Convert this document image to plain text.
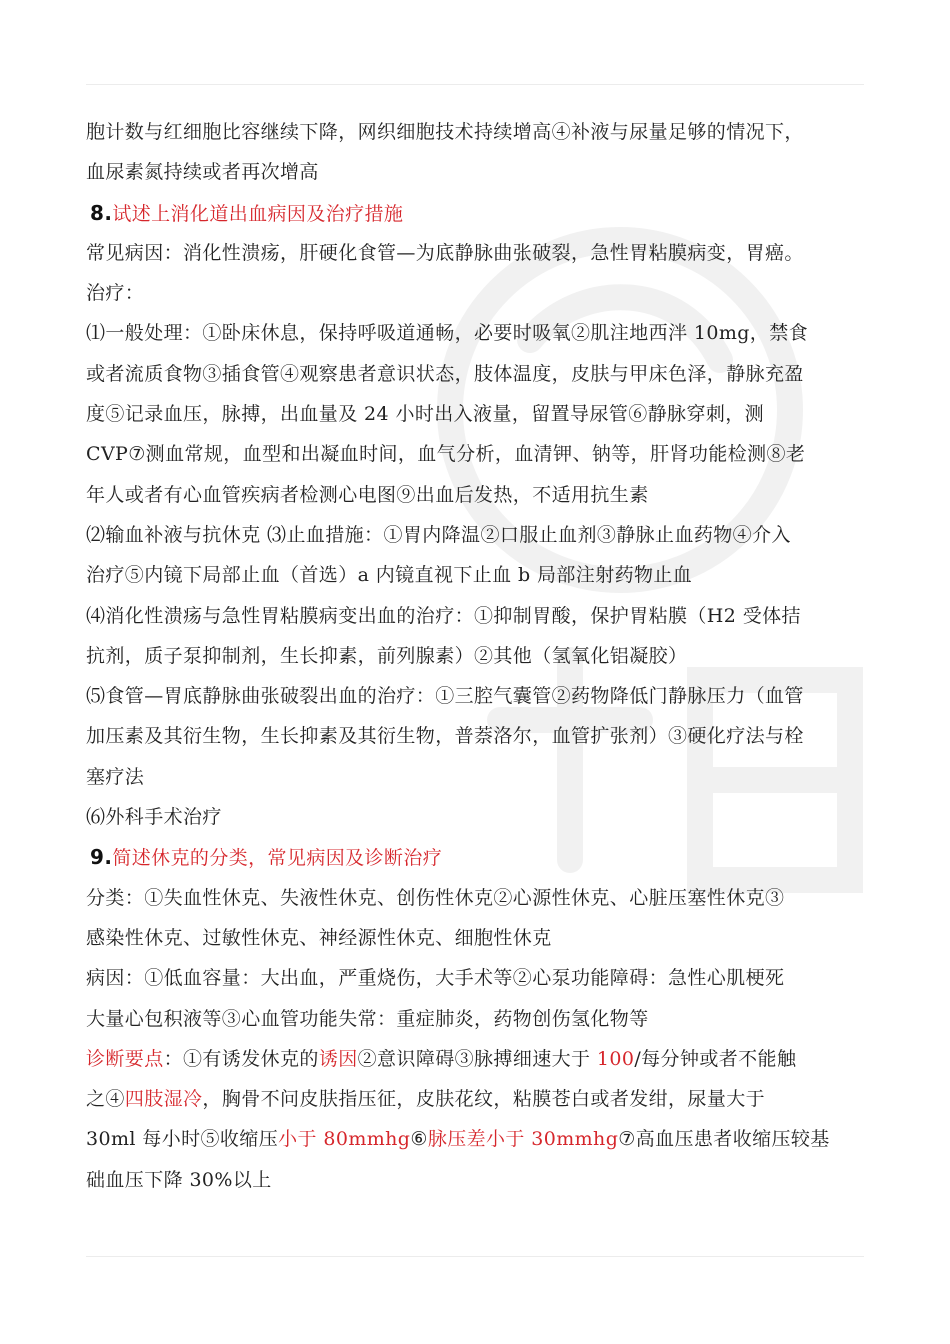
胞计数与红细胞比容继续下降，网织细胞技术持续增高④补液与尿量足够的情况下，
血尿素氮持续或者再次增高
8.试述上消化道出血病因及治疗措施
常见病因：消化性溃疡，肝硬化食管—为底静脉曲张破裂，急性胃粘膜病变，胃癌。
治疗：
⑴一般处理：①卧床休息，保持呼吸道通畅，必要时吸氧②肌注地西泮 10mg，禁食
或者流质食物③插食管④观察患者意识状态，肢体温度，皮肤与甲床色泽，静脉充盈
度⑤记录血压，脉搏，出血量及 24 小时出入液量，留置导尿管⑥静脉穿刺，测
CVP⑦测血常规，血型和出凝血时间，血气分析，血清钾、钠等，肝肾功能检测⑧老
年人或者有心血管疾病者检测心电图⑨出血后发热，不适用抗生素
⑵输血补液与抗休克 ⑶止血措施：①胃内降温②口服止血剂③静脉止血药物④介入
治疗⑤内镜下局部止血（首选）a 内镜直视下止血 b 局部注射药物止血
⑷消化性溃疡与急性胃粘膜病变出血的治疗：①抑制胃酸，保护胃粘膜（H2 受体拮
抗剂，质子泵抑制剂，生长抑素，前列腺素）②其他（氢氧化铝凝胶）
⑸食管—胃底静脉曲张破裂出血的治疗：①三腔气囊管②药物降低门静脉压力（血管
加压素及其衍生物，生长抑素及其衍生物，普萘洛尔，血管扩张剂）③硬化疗法与栓
塞疗法
⑹外科手术治疗
9.简述休克的分类，常见病因及诊断治疗
分类：①失血性休克、失液性休克、创伤性休克②心源性休克、心脏压塞性休克③
感染性休克、过敏性休克、神经源性休克、细胞性休克
病因：①低血容量：大出血，严重烧伤，大手术等②心泵功能障碍：急性心肌梗死
大量心包积液等③心血管功能失常：重症肺炎，药物创伤氢化物等
诊断要点：①有诱发休克的诱因②意识障碍③脉搏细速大于 100/每分钟或者不能触
之④四肢湿冷，胸骨不问皮肤指压征，皮肤花纹，粘膜苍白或者发绀，尿量大于
30ml 每小时⑤收缩压小于 80mmhg⑥脉压差小于 30mmhg⑦高血压患者收缩压较基
础血压下降 30%以上
